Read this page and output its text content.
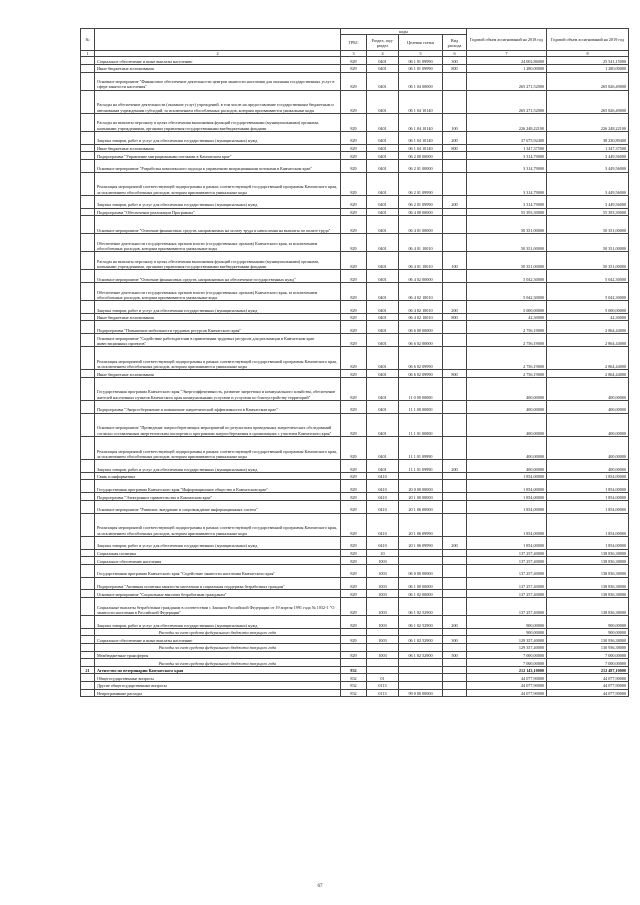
№		коды				Годовой объем ассигнований на 2018 год	Годовой объем ассигнований на 2019 год
		ГРБС	Раздел, под- раздел	Целевая статья	Вид расхода		
1	2	3	4	5	6	7	8
	Социальное обеспечение и иные выплаты населению	829	0401	06 1 01 09990	300	24 002,86000	25 541,15000
	Иные бюджетные ассигнования	829	0401	06 1 01 09990	800	1 280,00000	1 280,00000
	Основное мероприятие "Финансовое обеспечение деятельности центров занятости населения для оказания государственных услуг в сфере занятости населения"	829	0401	06 1 04 00000		265 271,52000	265 826,49000
	Расходы на обеспечение деятельности (оказание услуг) учреждений, в том числе на предоставление государственным бюджетным и автономным учреждениям субсидий, за исключением обособленных расходов, которым присваиваются уникальные коды	829	0401	06 1 04 10140		265 271,52000	265 826,49000
	Расходы на выплаты персоналу в целях обеспечения выполнения функций государственными (муниципальными) органами, казенными учреждениями, органами управления государственными внебюджетными фондами	829	0401	06 1 04 10140	100	226 248,22100	226 248,22100
	Закупка товаров, работ и услуг для обеспечения государственных (муниципальных) нужд	829	0401	06 1 04 10140	200	37 675,92400	38 230,89400
	Иные бюджетные ассигнования	829	0401	06 1 04 10140	800	1 347,37500	1 347,37500
	Подпрограмма "Управление миграционными потоками в Камчатском крае"	829	0401	06 2 00 00000		3 314,79000	3 449,56000
	Основное мероприятие "Разработка комплексного подхода к управлению миграционными потоками в Камчатском крае"	829	0401	06 2 01 00000		3 314,79000	3 449,56000
	Реализация мероприятий соответствующей подпрограммы в рамках соответствующей государственной программы Камчатского края, за исключением обособленных расходов, которым присваиваются уникальные коды	829	0401	06 2 01 09990		3 314,79000	3 449,56000
	Закупка товаров, работ и услуг для обеспечения государственных (муниципальных) нужд	829	0401	06 2 01 09990	200	3 314,79000	3 449,56000
	Подпрограмма "Обеспечение реализации Программы"	829	0401	06 4 00 00000		55 393,30000	55 393,30000
	Основное мероприятие "Освоение финансовых средств, направляемых на оплату труда и начисления на выплаты по оплате труда"	829	0401	06 4 01 00000		50 351,00000	50 351,00000
	Обеспечение деятельности государственных органов власти (государственных органов) Камчатского края, за исключением обособленных расходов, которым присваиваются уникальные коды	829	0401	06 4 01 10010		50 351,00000	50 351,00000
	Расходы на выплаты персоналу в целях обеспечения выполнения функций государственными (муниципальными) органами, казенными учреждениями, органами управления государственными внебюджетными фондами	829	0401	06 4 01 10010	100	50 351,00000	50 351,00000
	Основное мероприятие "Освоение финансовых средств, направляемых на обеспечение государственных нужд"	829	0401	06 4 02 00000		5 042,30000	5 042,30000
	Обеспечение деятельности государственных органов власти (государственных органов) Камчатского края, за исключением обособленных расходов, которым присваиваются уникальные коды	829	0401	06 4 02 10010		5 042,30000	5 042,30000
	Закупка товаров, работ и услуг для обеспечения государственных (муниципальных) нужд	829	0401	06 4 02 10010	200	5 000,00000	5 000,00000
	Иные бюджетные ассигнования	829	0401	06 4 02 10010	800	42,30000	42,30000
	Подпрограмма "Повышение мобильности трудовых ресурсов Камчатского края"	829	0401	06 6 00 00000		2 756,19000	2 864,44000
	Основное мероприятие "Содействие работодателям в привлечении трудовых ресурсов для реализации в Камчатском крае инвестиционных проектов"	829	0401	06 6 02 00000		2 756,19000	2 864,44000
	Реализация мероприятий соответствующей подпрограммы в рамках соответствующей государственной программы Камчатского края, за исключением обособленных расходов, которым присваиваются уникальные коды	829	0401	06 6 02 09990		2 756,19000	2 864,44000
	Иные бюджетные ассигнования	829	0401	06 6 02 09990	800	2 756,19000	2 864,44000
	Государственная программа Камчатского края "Энергоэффективность, развитие энергетики и коммунального хозяйства, обеспечение жителей населенных пунктов Камчатского края коммунальными услугами и услугами по благоустройству территорий"	829	0401	11 0 00 00000		400,00000	400,00000
	Подпрограмма "Энергосбережение и повышение энергетической эффективности в Камчатском крае"	829	0401	11 1 00 00000		400,00000	400,00000
	Основное мероприятие "Проведение энергосберегающих мероприятий по результатам проведенных энергетических обследований согласно составленным энергетическим паспортам и программам энергосбережения в организациях с участием Камчатского края"	829	0401	11 1 01 00000		400,00000	400,00000
	Реализация мероприятий соответствующей подпрограммы в рамках соответствующей государственной программы Камчатского края, за исключением обособленных расходов, которым присваиваются уникальные коды	829	0401	11 1 01 09990		400,00000	400,00000
	Закупка товаров, работ и услуг для обеспечения государственных (муниципальных) нужд	829	0401	11 1 01 09990	200	400,00000	400,00000
	Связь и информатика	829	0410			1 854,00000	1 854,00000
	Государственная программа Камчатского края "Информационное общество в Камчатском крае"	829	0410	20 0 00 00000		1 854,00000	1 854,00000
	Подпрограмма "Электронное правительство в Камчатском крае"	829	0410	20 1 00 00000		1 854,00000	1 854,00000
	Основное мероприятие "Развитие, внедрение и сопровождение информационных систем"	829	0410	20 1 06 00000		1 854,00000	1 854,00000
	Реализация мероприятий соответствующей подпрограммы в рамках соответствующей государственной программы Камчатского края, за исключением обособленных расходов, которым присваиваются уникальные коды	829	0410	20 1 06 09990		1 854,00000	1 854,00000
	Закупка товаров, работ и услуг для обеспечения государственных (муниципальных) нужд	829	0410	20 1 06 09990	200	1 854,00000	1 854,00000
	Социальная политика	829	10			137 257,40000	138 836,38000
	Социальное обеспечение населения	829	1003			137 257,40000	138 836,38000
	Государственная программа Камчатского края "Содействие занятости населения Камчатского края"	829	1003	06 0 00 00000		137 257,40000	138 836,38000
	Подпрограмма "Активная политика занятости населения и социальная поддержка безработных граждан"	829	1003	06 1 00 00000		137 257,40000	138 836,38000
	Основное мероприятие "Социальные выплаты безработным гражданам"	829	1003	06 1 02 00000		137 257,40000	138 836,38000
	Социальные выплаты безработным гражданам в соответствии с Законом Российской Федерации от 19 апреля 1991 года № 1032-1 "О занятости населения в Российской Федерации"	829	1003	06 1 02 52900		137 257,40000	138 836,38000
	Закупка товаров, работ и услуг для обеспечения государственных (муниципальных) нужд	829	1003	06 1 02 52900	200	900,00000	900,00000
	Расходы за счет средств федерального бюджета текущего года					900,00000	900,00000
	Социальное обеспечение и иные выплаты населению	829	1003	06 1 02 52900	300	129 357,40000	130 936,38000
	Расходы за счет средств федерального бюджета текущего года					129 357,40000	130 936,38000
	Межбюджетные трансферты	829	1003	06 1 02 52900	500	7 000,00000	7 000,00000
	Расходы за счет средств федерального бюджета текущего года					7 000,00000	7 000,00000
21	Агентство по ветеринарии Камчатского края	832				212 143,10000	212 487,10000
	Общегосударственные вопросы	832	01			44 077,90000	44 077,90000
	Другие общегосударственные вопросы	832	0113			44 077,90000	44 077,90000
	Непрограммные расходы	832	0113	99 0 00 00000		44 077,90000	44 077,90000
67
